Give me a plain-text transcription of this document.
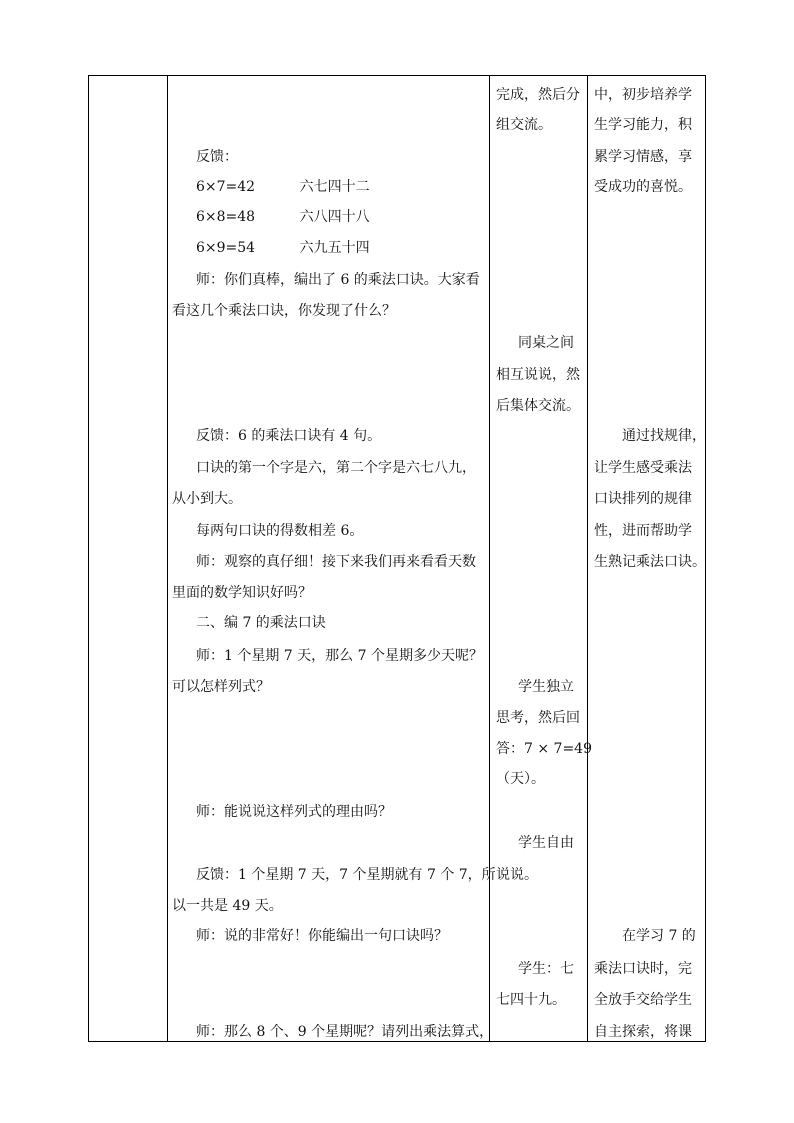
反馈：
6×7=42          六七四十二
6×8=48          六八四十八
6×9=54          六九五十四
师：你们真棒，编出了 6 的乘法口诀。大家看
看这几个乘法口诀，你发现了什么？
反馈：6 的乘法口诀有 4 句。
口诀的第一个字是六，第二个字是六七八九，
从小到大。
每两句口诀的得数相差 6。
师：观察的真仔细！接下来我们再来看看天数
里面的数学知识好吗？
二、编 7 的乘法口诀
师：1 个星期 7 天，那么 7 个星期多少天呢？
可以怎样列式？
师：能说说这样列式的理由吗？
反馈：1 个星期 7 天，7 个星期就有 7 个 7，所
以一共是 49 天。
师：说的非常好！你能编出一句口诀吗？
师：那么 8 个、9 个星期呢？请列出乘法算式，
完成，然后分
组交流。
同桌之间
相互说说，然
后集体交流。
学生独立
思考，然后回
答：7 × 7=49
（天）。
学生自由
说说。
学生：七
七四十九。
中，初步培养学
生学习能力，积
累学习情感，享
受成功的喜悦。
通过找规律，
让学生感受乘法
口诀排列的规律
性，进而帮助学
生熟记乘法口诀。
在学习 7 的
乘法口诀时，完
全放手交给学生
自主探索，将课
